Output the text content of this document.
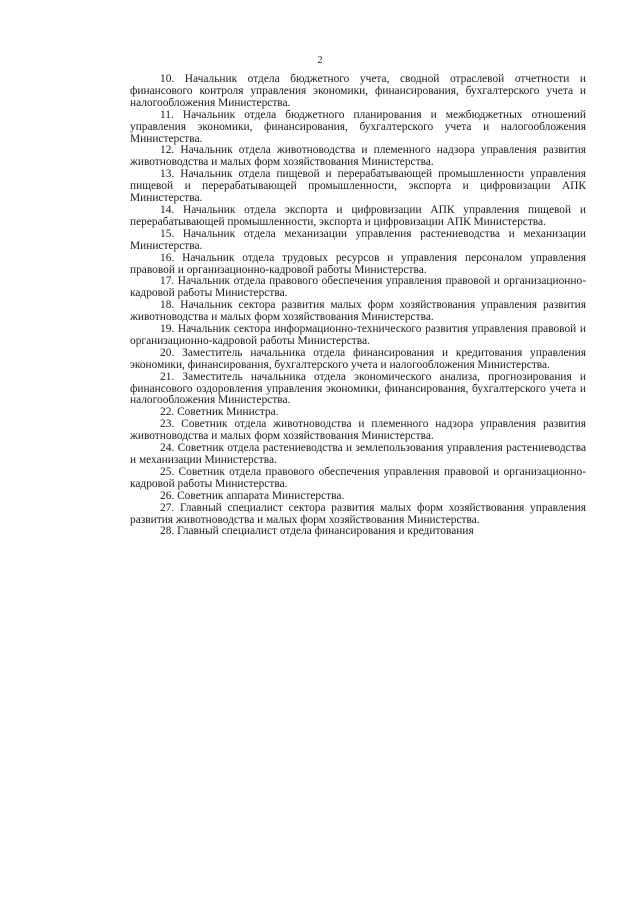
2

10. Начальник отдела бюджетного учета, сводной отраслевой отчетности и финансового контроля управления экономики, финансирования, бухгалтерского учета и налогообложения Министерства.

11. Начальник отдела бюджетного планирования и межбюджетных отношений управления экономики, финансирования, бухгалтерского учета и налогообложения Министерства.

12. Начальник отдела животноводства и племенного надзора управления развития животноводства и малых форм хозяйствования Министерства.

13. Начальник отдела пищевой и перерабатывающей промышленности управления пищевой и перерабатывающей промышленности, экспорта и цифровизации АПК Министерства.

14. Начальник отдела экспорта и цифровизации АПК управления пищевой и перерабатывающей промышленности, экспорта и цифровизации АПК Министерства.

15. Начальник отдела механизации управления растениеводства и механизации Министерства.

16. Начальник отдела трудовых ресурсов и управления персоналом управления правовой и организационно-кадровой работы Министерства.

17. Начальник отдела правового обеспечения управления правовой и организационно-кадровой работы Министерства.

18. Начальник сектора развития малых форм хозяйствования управления развития животноводства и малых форм хозяйствования Министерства.

19. Начальник сектора информационно-технического развития управления правовой и организационно-кадровой работы Министерства.

20. Заместитель начальника отдела финансирования и кредитования управления экономики, финансирования, бухгалтерского учета и налогообложения Министерства.

21. Заместитель начальника отдела экономического анализа, прогнозирования и финансового оздоровления управления экономики, финансирования, бухгалтерского учета и налогообложения Министерства.

22. Советник Министра.

23. Советник отдела животноводства и племенного надзора управления развития животноводства и малых форм хозяйствования Министерства.

24. Советник отдела растениеводства и землепользования управления растениеводства и механизации Министерства.

25. Советник отдела правового обеспечения управления правовой и организационно-кадровой работы Министерства.

26. Советник аппарата Министерства.

27. Главный специалист сектора развития малых форм хозяйствования управления развития животноводства и малых форм хозяйствования Министерства.

28. Главный специалист отдела финансирования и кредитования
